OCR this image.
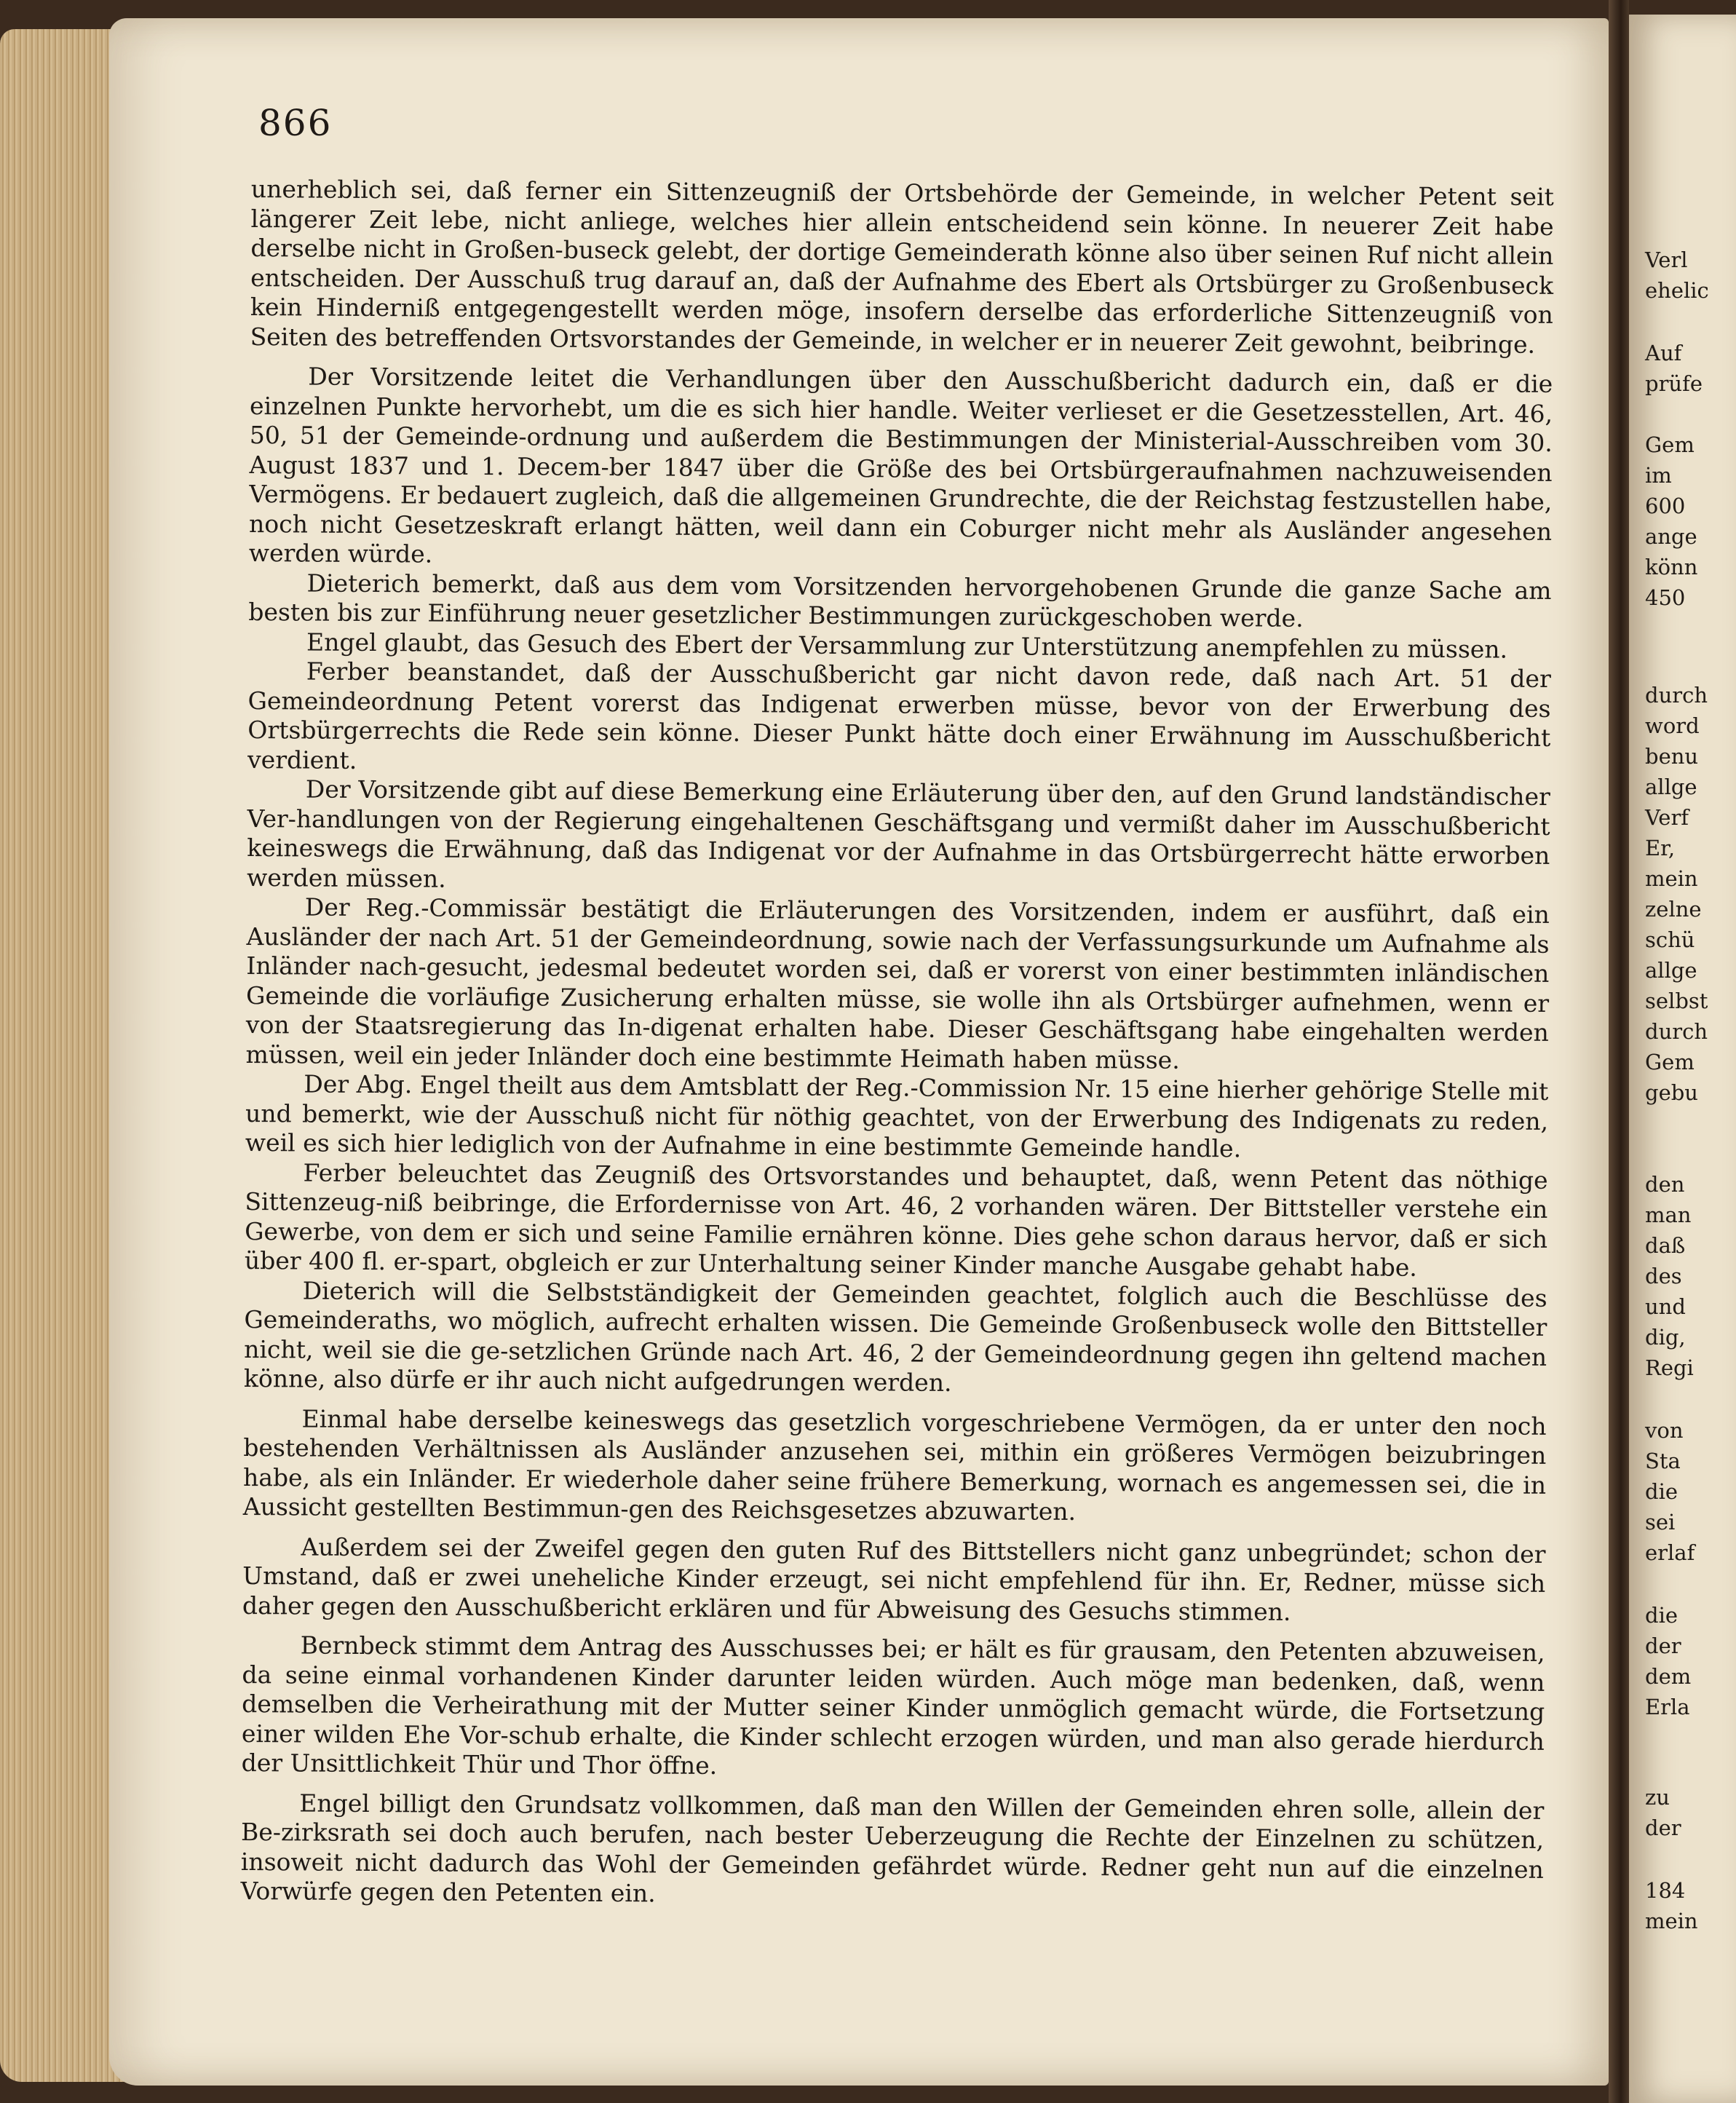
866

unerheblich sei, daß ferner ein Sittenzeugniß der Ortsbehörde der Gemeinde, in welcher Petent seit längerer Zeit lebe, nicht anliege, welches hier allein entscheidend sein könne. In neuerer Zeit habe derselbe nicht in Großen-buseck gelebt, der dortige Gemeinderath könne also über seinen Ruf nicht allein entscheiden. Der Ausschuß trug darauf an, daß der Aufnahme des Ebert als Ortsbürger zu Großenbuseck kein Hinderniß entgegengestellt werden möge, insofern derselbe das erforderliche Sittenzeugniß von Seiten des betreffenden Ortsvorstandes der Gemeinde, in welcher er in neuerer Zeit gewohnt, beibringe.

Der Vorsitzende leitet die Verhandlungen über den Ausschußbericht dadurch ein, daß er die einzelnen Punkte hervorhebt, um die es sich hier handle. Weiter verlieset er die Gesetzesstellen, Art. 46, 50, 51 der Gemeinde-ordnung und außerdem die Bestimmungen der Ministerial-Ausschreiben vom 30. August 1837 und 1. Decem-ber 1847 über die Größe des bei Ortsbürgeraufnahmen nachzuweisenden Vermögens. Er bedauert zugleich, daß die allgemeinen Grundrechte, die der Reichstag festzustellen habe, noch nicht Gesetzeskraft erlangt hätten, weil dann ein Coburger nicht mehr als Ausländer angesehen werden würde.

Dieterich bemerkt, daß aus dem vom Vorsitzenden hervorgehobenen Grunde die ganze Sache am besten bis zur Einführung neuer gesetzlicher Bestimmungen zurückgeschoben werde.

Engel glaubt, das Gesuch des Ebert der Versammlung zur Unterstützung anempfehlen zu müssen.

Ferber beanstandet, daß der Ausschußbericht gar nicht davon rede, daß nach Art. 51 der Gemeindeordnung Petent vorerst das Indigenat erwerben müsse, bevor von der Erwerbung des Ortsbürgerrechts die Rede sein könne. Dieser Punkt hätte doch einer Erwähnung im Ausschußbericht verdient.

Der Vorsitzende gibt auf diese Bemerkung eine Erläuterung über den, auf den Grund landständischer Ver-handlungen von der Regierung eingehaltenen Geschäftsgang und vermißt daher im Ausschußbericht keineswegs die Erwähnung, daß das Indigenat vor der Aufnahme in das Ortsbürgerrecht hätte erworben werden müssen.

Der Reg.-Commissär bestätigt die Erläuterungen des Vorsitzenden, indem er ausführt, daß ein Ausländer der nach Art. 51 der Gemeindeordnung, sowie nach der Verfassungsurkunde um Aufnahme als Inländer nach-gesucht, jedesmal bedeutet worden sei, daß er vorerst von einer bestimmten inländischen Gemeinde die vorläufige Zusicherung erhalten müsse, sie wolle ihn als Ortsbürger aufnehmen, wenn er von der Staatsregierung das In-digenat erhalten habe. Dieser Geschäftsgang habe eingehalten werden müssen, weil ein jeder Inländer doch eine bestimmte Heimath haben müsse.

Der Abg. Engel theilt aus dem Amtsblatt der Reg.-Commission Nr. 15 eine hierher gehörige Stelle mit und bemerkt, wie der Ausschuß nicht für nöthig geachtet, von der Erwerbung des Indigenats zu reden, weil es sich hier lediglich von der Aufnahme in eine bestimmte Gemeinde handle.

Ferber beleuchtet das Zeugniß des Ortsvorstandes und behauptet, daß, wenn Petent das nöthige Sittenzeug-niß beibringe, die Erfordernisse von Art. 46, 2 vorhanden wären. Der Bittsteller verstehe ein Gewerbe, von dem er sich und seine Familie ernähren könne. Dies gehe schon daraus hervor, daß er sich über 400 fl. er-spart, obgleich er zur Unterhaltung seiner Kinder manche Ausgabe gehabt habe.

Dieterich will die Selbstständigkeit der Gemeinden geachtet, folglich auch die Beschlüsse des Gemeinderaths, wo möglich, aufrecht erhalten wissen. Die Gemeinde Großenbuseck wolle den Bittsteller nicht, weil sie die ge-setzlichen Gründe nach Art. 46, 2 der Gemeindeordnung gegen ihn geltend machen könne, also dürfe er ihr auch nicht aufgedrungen werden.

Einmal habe derselbe keineswegs das gesetzlich vorgeschriebene Vermögen, da er unter den noch bestehenden Verhältnissen als Ausländer anzusehen sei, mithin ein größeres Vermögen beizubringen habe, als ein Inländer. Er wiederhole daher seine frühere Bemerkung, wornach es angemessen sei, die in Aussicht gestellten Bestimmun-gen des Reichsgesetzes abzuwarten.

Außerdem sei der Zweifel gegen den guten Ruf des Bittstellers nicht ganz unbegründet; schon der Umstand, daß er zwei uneheliche Kinder erzeugt, sei nicht empfehlend für ihn. Er, Redner, müsse sich daher gegen den Ausschußbericht erklären und für Abweisung des Gesuchs stimmen.

Bernbeck stimmt dem Antrag des Ausschusses bei; er hält es für grausam, den Petenten abzuweisen, da seine einmal vorhandenen Kinder darunter leiden würden. Auch möge man bedenken, daß, wenn demselben die Verheirathung mit der Mutter seiner Kinder unmöglich gemacht würde, die Fortsetzung einer wilden Ehe Vor-schub erhalte, die Kinder schlecht erzogen würden, und man also gerade hierdurch der Unsittlichkeit Thür und Thor öffne.

Engel billigt den Grundsatz vollkommen, daß man den Willen der Gemeinden ehren solle, allein der Be-zirksrath sei doch auch berufen, nach bester Ueberzeugung die Rechte der Einzelnen zu schützen, insoweit nicht dadurch das Wohl der Gemeinden gefährdet würde. Redner geht nun auf die einzelnen Vorwürfe gegen den Petenten ein.

Verl
ehelic
Auf
prüfe
Gem
im
600
ange
könn
450
durch
word
benu
allge
Verf
Er,
mein
zelne
schü
allge
selbst
durch
Gem
gebu
den
man
daß
des
und
dig,
Regi
von
Sta
die
sei
erlaf
die
der
dem
Erla
zu
der
184
mein
